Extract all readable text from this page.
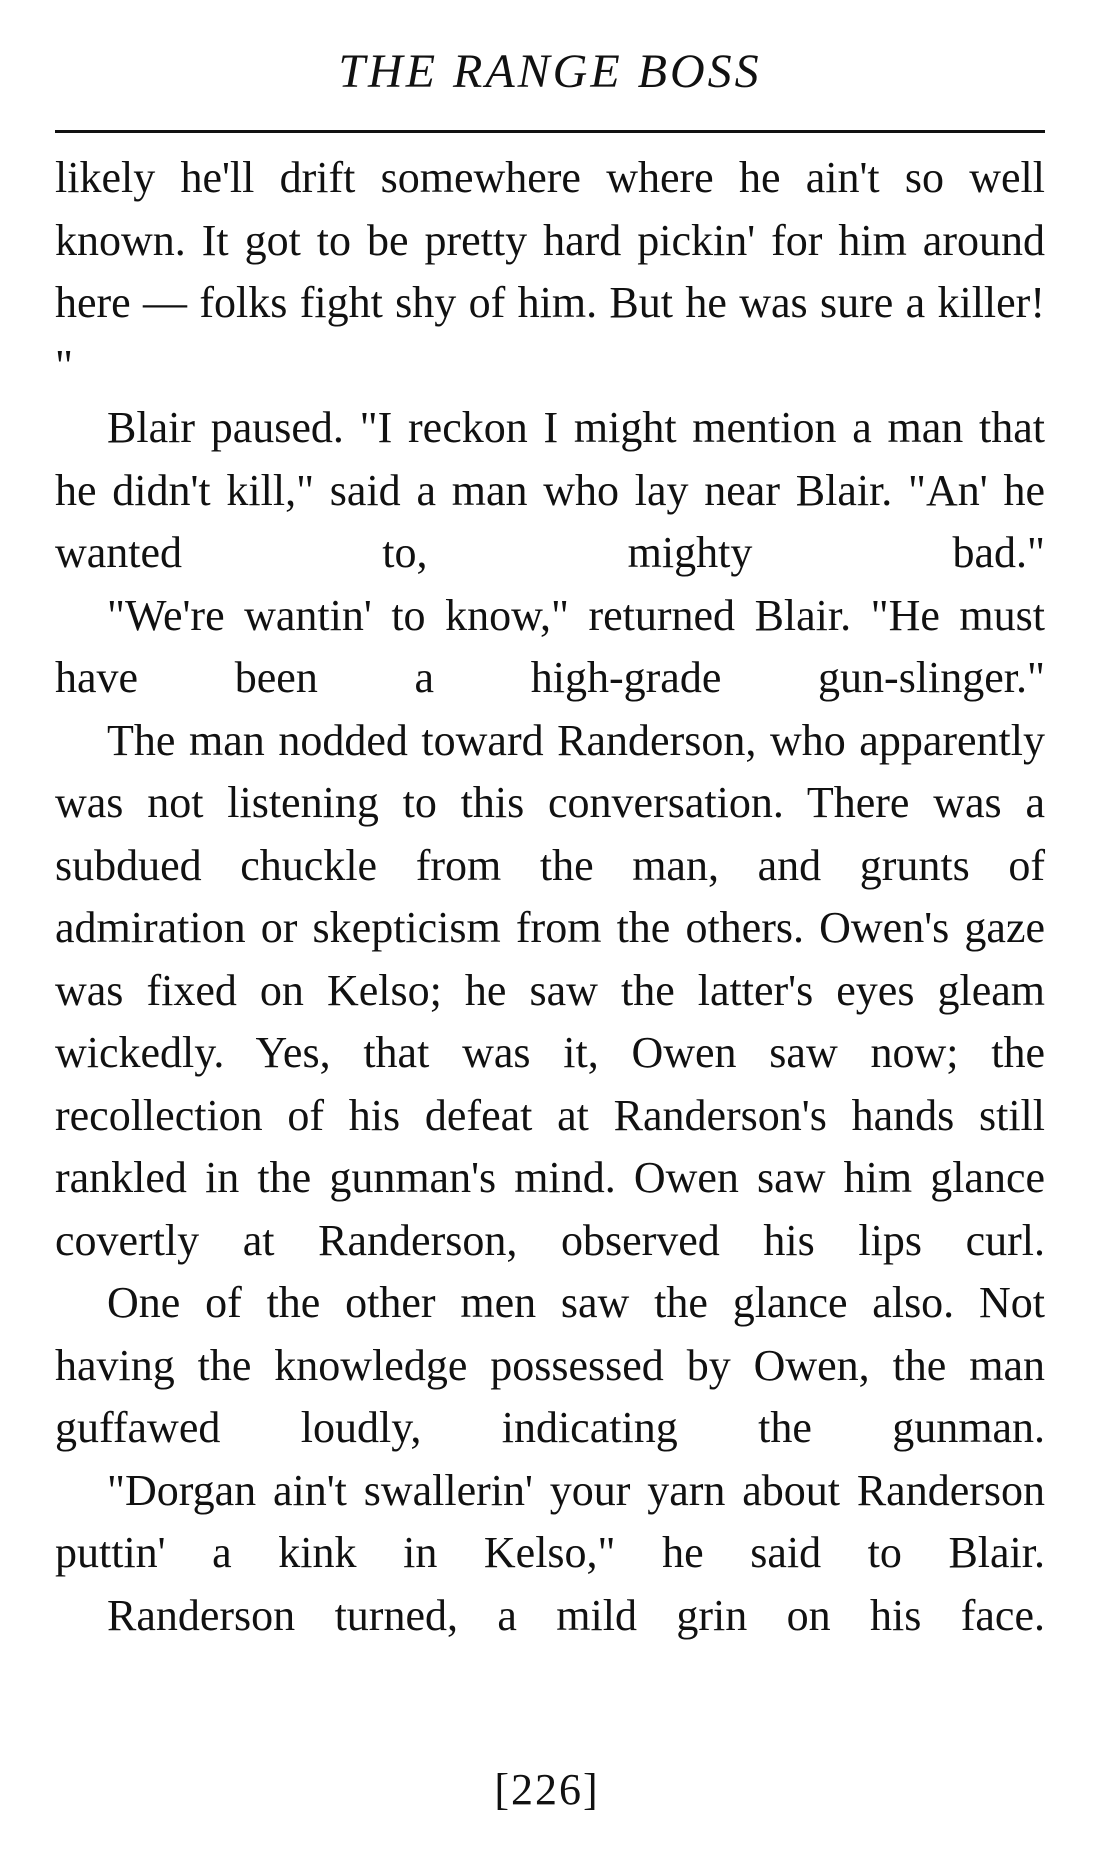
THE RANGE BOSS

likely he'll drift somewhere where he ain't so well known. It got to be pretty hard pickin' for him around here — folks fight shy of him. But he was sure a killer! "

Blair paused. "I reckon I might mention a man that he didn't kill," said a man who lay near Blair. "An' he wanted to, mighty bad."

"We're wantin' to know," returned Blair. "He must have been a high-grade gun-slinger."

The man nodded toward Randerson, who apparently was not listening to this conversation. There was a subdued chuckle from the man, and grunts of admiration or skepticism from the others. Owen's gaze was fixed on Kelso; he saw the latter's eyes gleam wickedly. Yes, that was it, Owen saw now; the recollection of his defeat at Randerson's hands still rankled in the gunman's mind. Owen saw him glance covertly at Randerson, observed his lips curl.

One of the other men saw the glance also. Not having the knowledge possessed by Owen, the man guffawed loudly, indicating the gunman.

"Dorgan ain't swallerin' your yarn about Randerson puttin' a kink in Kelso," he said to Blair.

Randerson turned, a mild grin on his face.

[226]
